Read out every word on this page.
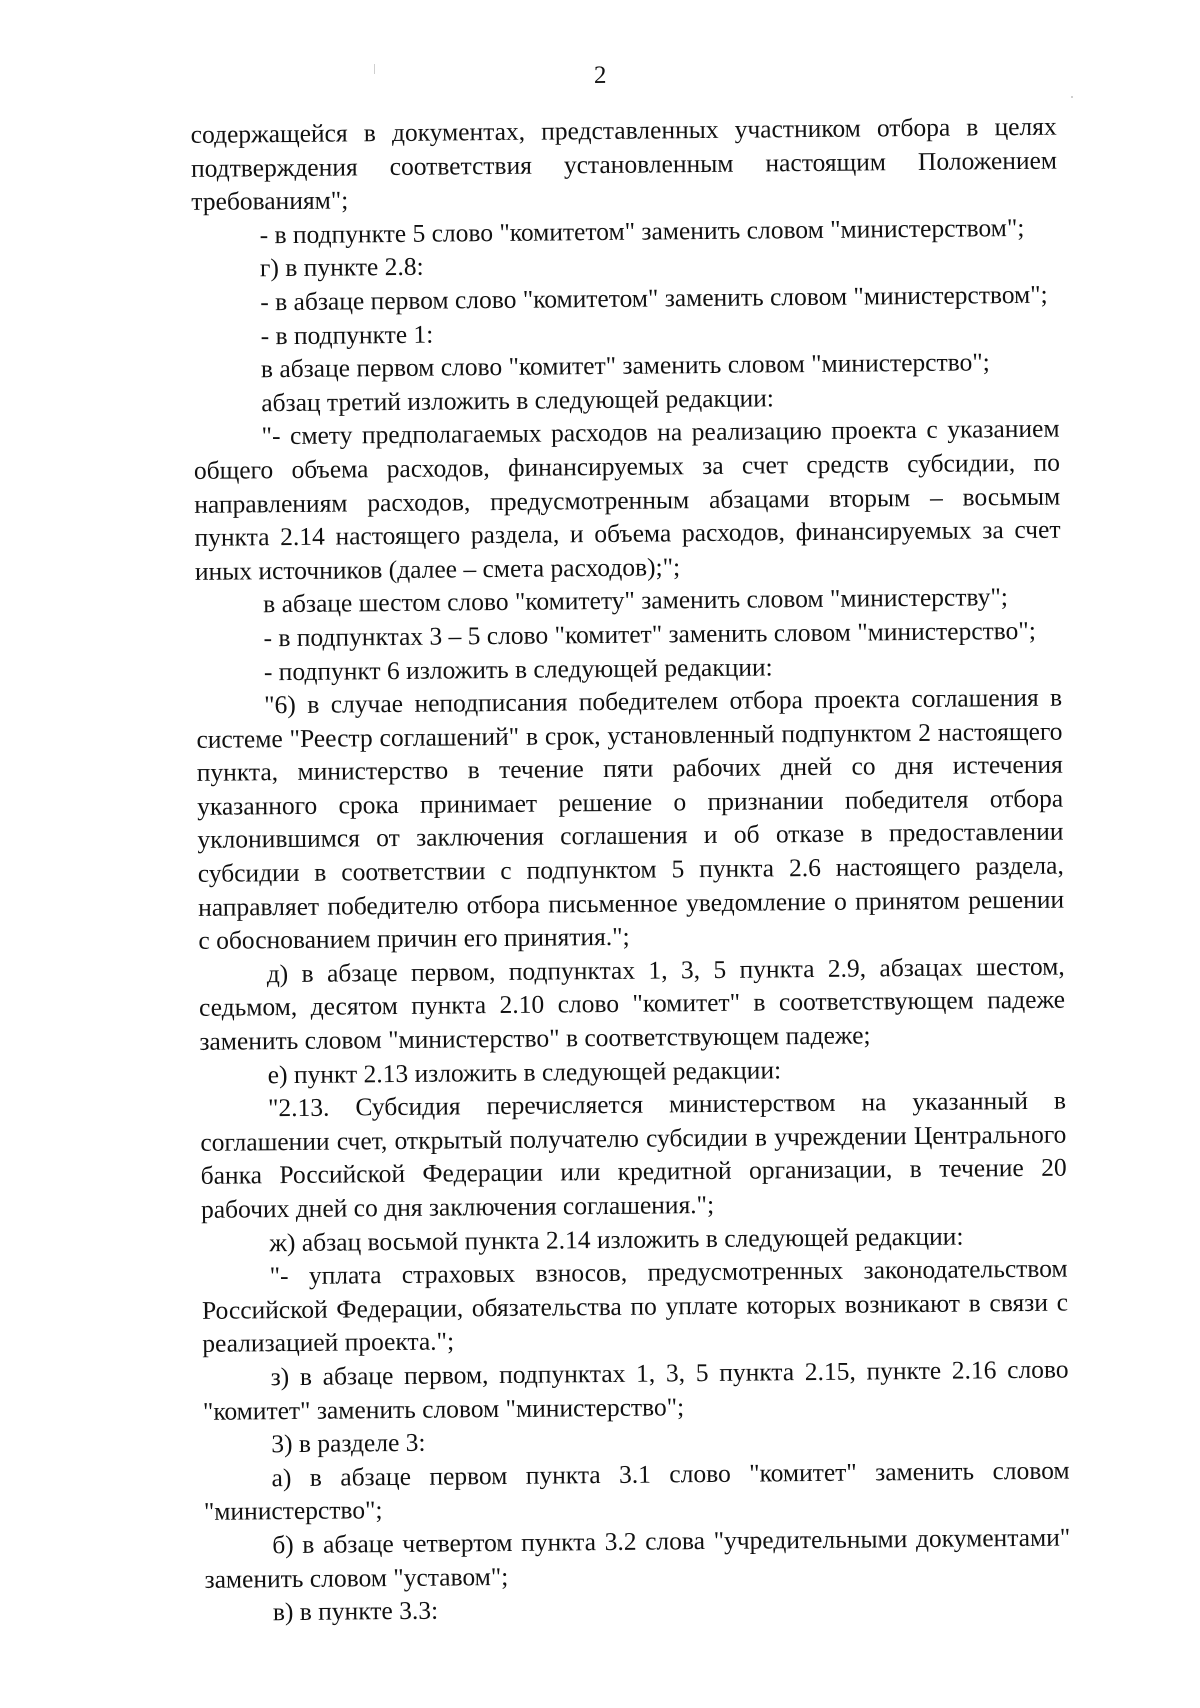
2

содержащейся в документах, представленных участником отбора в целях подтверждения соответствия установленным настоящим Положением требованиям";

- в подпункте 5 слово "комитетом" заменить словом "министерством";

г) в пункте 2.8:

- в абзаце первом слово "комитетом" заменить словом "министерством";

- в подпункте 1:

в абзаце первом слово "комитет" заменить словом "министерство";

абзац третий изложить в следующей редакции:

"- смету предполагаемых расходов на реализацию проекта с указанием общего объема расходов, финансируемых за счет средств субсидии, по направлениям расходов, предусмотренным абзацами вторым – восьмым пункта 2.14 настоящего раздела, и объема расходов, финансируемых за счет иных источников (далее – смета расходов);";

в абзаце шестом слово "комитету" заменить словом "министерству";

- в подпунктах 3 – 5 слово "комитет" заменить словом "министерство";

- подпункт 6 изложить в следующей редакции:

"6) в случае неподписания победителем отбора проекта соглашения в системе "Реестр соглашений" в срок, установленный подпунктом 2 настоящего пункта, министерство в течение пяти рабочих дней со дня истечения указанного срока принимает решение о признании победителя отбора уклонившимся от заключения соглашения и об отказе в предоставлении субсидии в соответствии с подпунктом 5 пункта 2.6 настоящего раздела, направляет победителю отбора письменное уведомление о принятом решении с обоснованием причин его принятия.";

д) в абзаце первом, подпунктах 1, 3, 5 пункта 2.9, абзацах шестом, седьмом, десятом пункта 2.10 слово "комитет" в соответствующем падеже заменить словом "министерство" в соответствующем падеже;

е) пункт 2.13 изложить в следующей редакции:

"2.13. Субсидия перечисляется министерством на указанный в соглашении счет, открытый получателю субсидии в учреждении Центрального банка Российской Федерации или кредитной организации, в течение 20 рабочих дней со дня заключения соглашения.";

ж) абзац восьмой пункта 2.14 изложить в следующей редакции:

"- уплата страховых взносов, предусмотренных законодательством Российской Федерации, обязательства по уплате которых возникают в связи с реализацией проекта.";

з) в абзаце первом, подпунктах 1, 3, 5 пункта 2.15, пункте 2.16 слово "комитет" заменить словом "министерство";

3) в разделе 3:

а) в абзаце первом пункта 3.1 слово "комитет" заменить словом "министерство";

б) в абзаце четвертом пункта 3.2 слова "учредительными документами" заменить словом "уставом";

в) в пункте 3.3:
